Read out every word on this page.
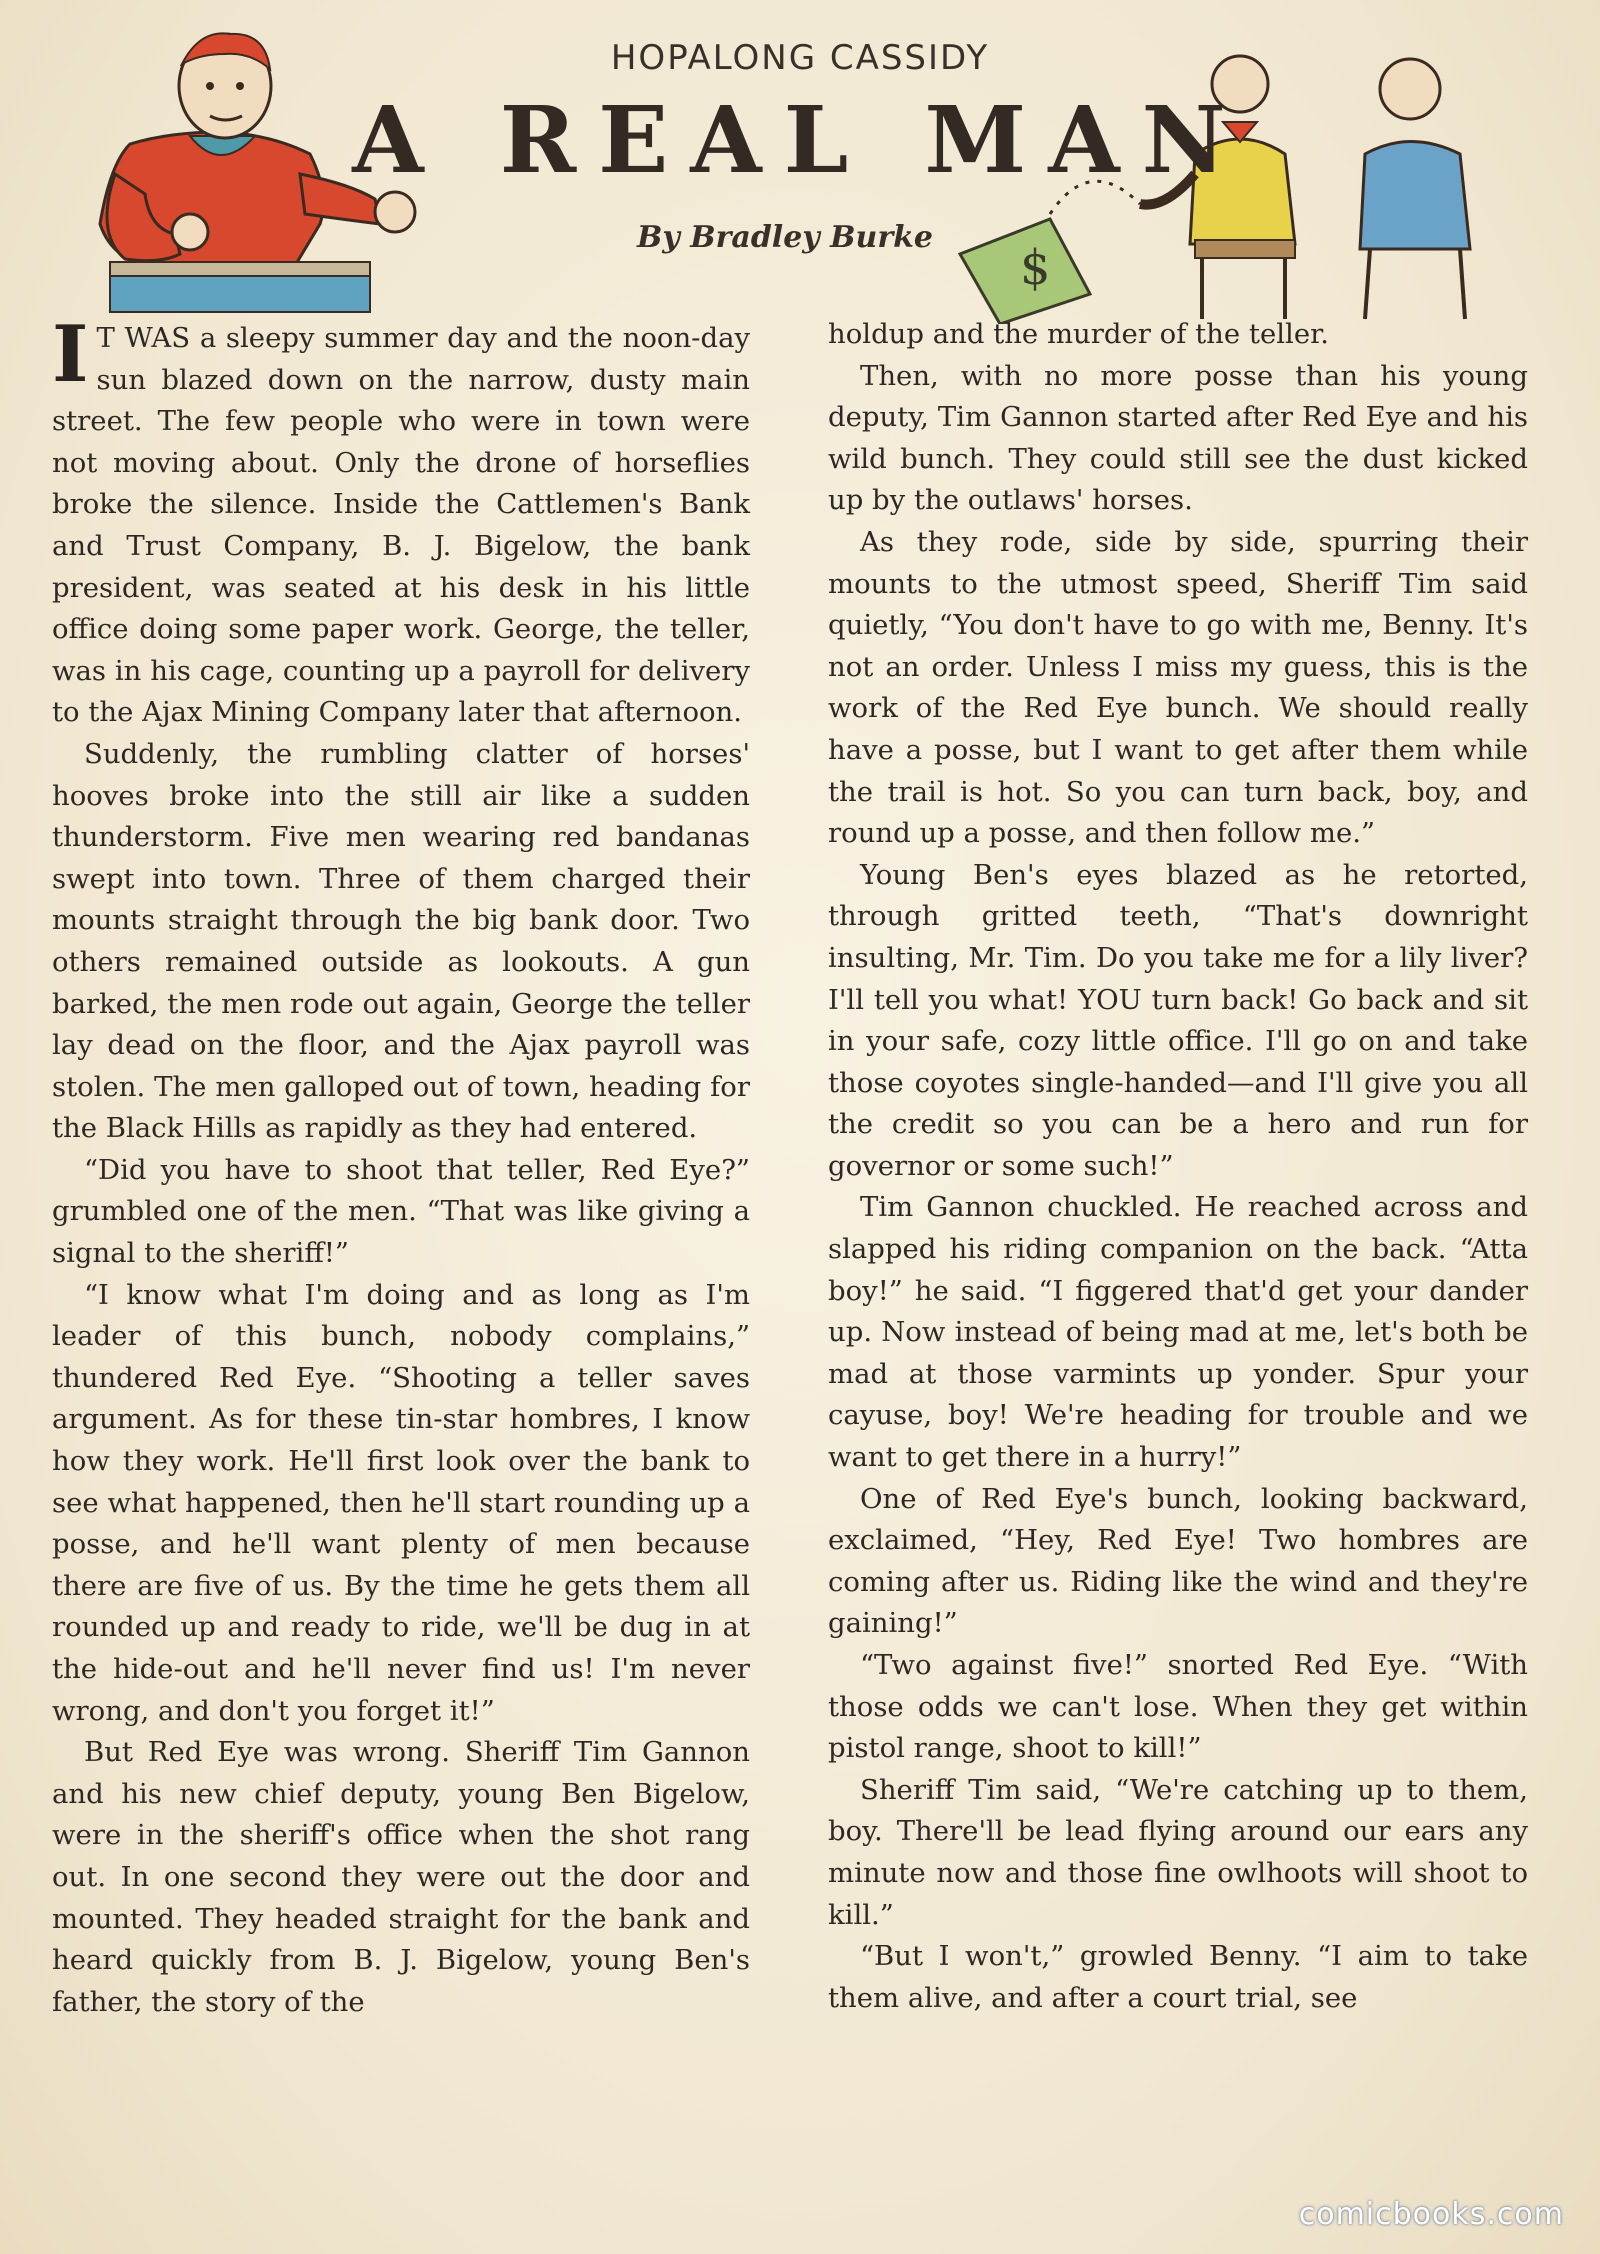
$
HOPALONG CASSIDY
A REAL MAN
By Bradley Burke

I T WAS a sleepy summer day and the noon-day sun blazed down on the narrow, dusty main street. The few people who were in town were not moving about. Only the drone of horseflies broke the silence. Inside the Cattlemen's Bank and Trust Company, B. J. Bigelow, the bank president, was seated at his desk in his little office doing some paper work. George, the teller, was in his cage, counting up a payroll for delivery to the Ajax Mining Company later that afternoon.

Suddenly, the rumbling clatter of horses' hooves broke into the still air like a sudden thunderstorm. Five men wearing red bandanas swept into town. Three of them charged their mounts straight through the big bank door. Two others remained outside as lookouts. A gun barked, the men rode out again, George the teller lay dead on the floor, and the Ajax payroll was stolen. The men galloped out of town, heading for the Black Hills as rapidly as they had entered.

“Did you have to shoot that teller, Red Eye?” grumbled one of the men. “That was like giving a signal to the sheriff!”

“I know what I'm doing and as long as I'm leader of this bunch, nobody complains,” thundered Red Eye. “Shooting a teller saves argument. As for these tin-star hombres, I know how they work. He'll first look over the bank to see what happened, then he'll start rounding up a posse, and he'll want plenty of men because there are five of us. By the time he gets them all rounded up and ready to ride, we'll be dug in at the hide-out and he'll never find us! I'm never wrong, and don't you forget it!”

But Red Eye was wrong. Sheriff Tim Gannon and his new chief deputy, young Ben Bigelow, were in the sheriff's office when the shot rang out. In one second they were out the door and mounted. They headed straight for the bank and heard quickly from B. J. Bigelow, young Ben's father, the story of the

holdup and the murder of the teller.

Then, with no more posse than his young deputy, Tim Gannon started after Red Eye and his wild bunch. They could still see the dust kicked up by the outlaws' horses.

As they rode, side by side, spurring their mounts to the utmost speed, Sheriff Tim said quietly, “You don't have to go with me, Benny. It's not an order. Unless I miss my guess, this is the work of the Red Eye bunch. We should really have a posse, but I want to get after them while the trail is hot. So you can turn back, boy, and round up a posse, and then follow me.”

Young Ben's eyes blazed as he retorted, through gritted teeth, “That's downright insulting, Mr. Tim. Do you take me for a lily liver? I'll tell you what! YOU turn back! Go back and sit in your safe, cozy little office. I'll go on and take those coyotes single-handed—and I'll give you all the credit so you can be a hero and run for governor or some such!”

Tim Gannon chuckled. He reached across and slapped his riding companion on the back. “Atta boy!” he said. “I figgered that'd get your dander up. Now instead of being mad at me, let's both be mad at those varmints up yonder. Spur your cayuse, boy! We're heading for trouble and we want to get there in a hurry!”

One of Red Eye's bunch, looking backward, exclaimed, “Hey, Red Eye! Two hombres are coming after us. Riding like the wind and they're gaining!”

“Two against five!” snorted Red Eye. “With those odds we can't lose. When they get within pistol range, shoot to kill!”

Sheriff Tim said, “We're catching up to them, boy. There'll be lead flying around our ears any minute now and those fine owlhoots will shoot to kill.”

“But I won't,” growled Benny. “I aim to take them alive, and after a court trial, see

comicbooks.com
